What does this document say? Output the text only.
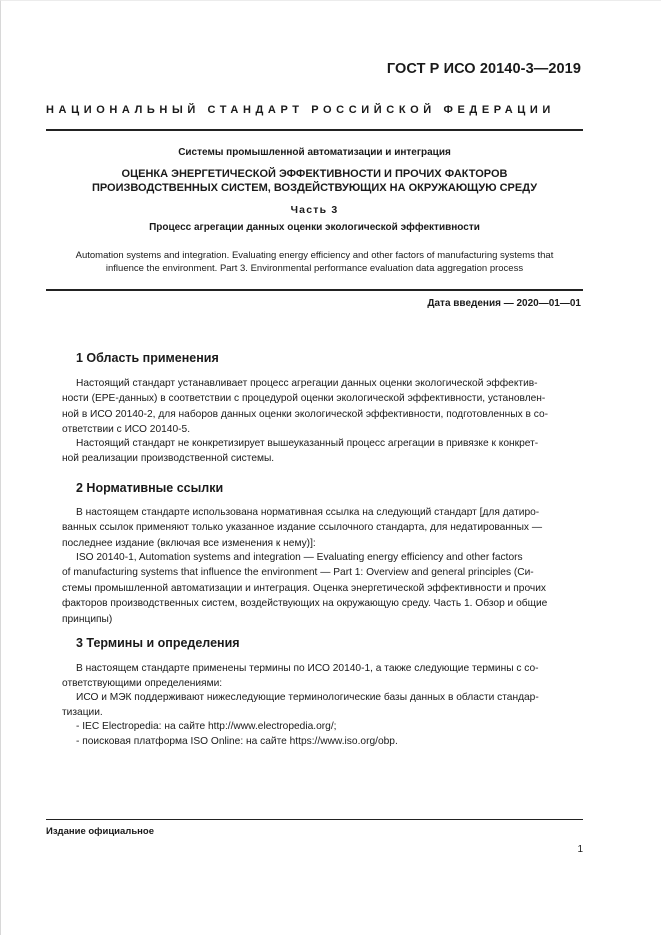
ГОСТ Р ИСО 20140-3—2019
НАЦИОНАЛЬНЫЙ СТАНДАРТ РОССИЙСКОЙ ФЕДЕРАЦИИ
Системы промышленной автоматизации и интеграция
ОЦЕНКА ЭНЕРГЕТИЧЕСКОЙ ЭФФЕКТИВНОСТИ И ПРОЧИХ ФАКТОРОВ
ПРОИЗВОДСТВЕННЫХ СИСТЕМ, ВОЗДЕЙСТВУЮЩИХ НА ОКРУЖАЮЩУЮ СРЕДУ
Часть 3
Процесс агрегации данных оценки экологической эффективности
Automation systems and integration. Evaluating energy efficiency and other factors of manufacturing systems that
influence the environment. Part 3. Environmental performance evaluation data aggregation process
Дата введения — 2020—01—01
1 Область применения
Настоящий стандарт устанавливает процесс агрегации данных оценки экологической эффектив-
ности (ЕРЕ-данных) в соответствии с процедурой оценки экологической эффективности, установлен-
ной в ИСО 20140-2, для наборов данных оценки экологической эффективности, подготовленных в со-
ответствии с ИСО 20140-5.
Настоящий стандарт не конкретизирует вышеуказанный процесс агрегации в привязке к конкрет-
ной реализации производственной системы.
2 Нормативные ссылки
В настоящем стандарте использована нормативная ссылка на следующий стандарт [для датиро-
ванных ссылок применяют только указанное издание ссылочного стандарта, для недатированных —
последнее издание (включая все изменения к нему)]:
ISO 20140-1, Automation systems and integration — Evaluating energy efficiency and other factors
of manufacturing systems that influence the environment — Part 1: Overview and general principles (Си-
стемы промышленной автоматизации и интеграция. Оценка энергетической эффективности и прочих
факторов производственных систем, воздействующих на окружающую среду. Часть 1. Обзор и общие
принципы)
3 Термины и определения
В настоящем стандарте применены термины по ИСО 20140-1, а также следующие термины с со-
ответствующими определениями:
ИСО и МЭК поддерживают нижеследующие терминологические базы данных в области стандар-
тизации.
- IEC Electropedia: на сайте http://www.electropedia.org/;
- поисковая платформа ISO Online: на сайте https://www.iso.org/obp.
Издание официальное
1
